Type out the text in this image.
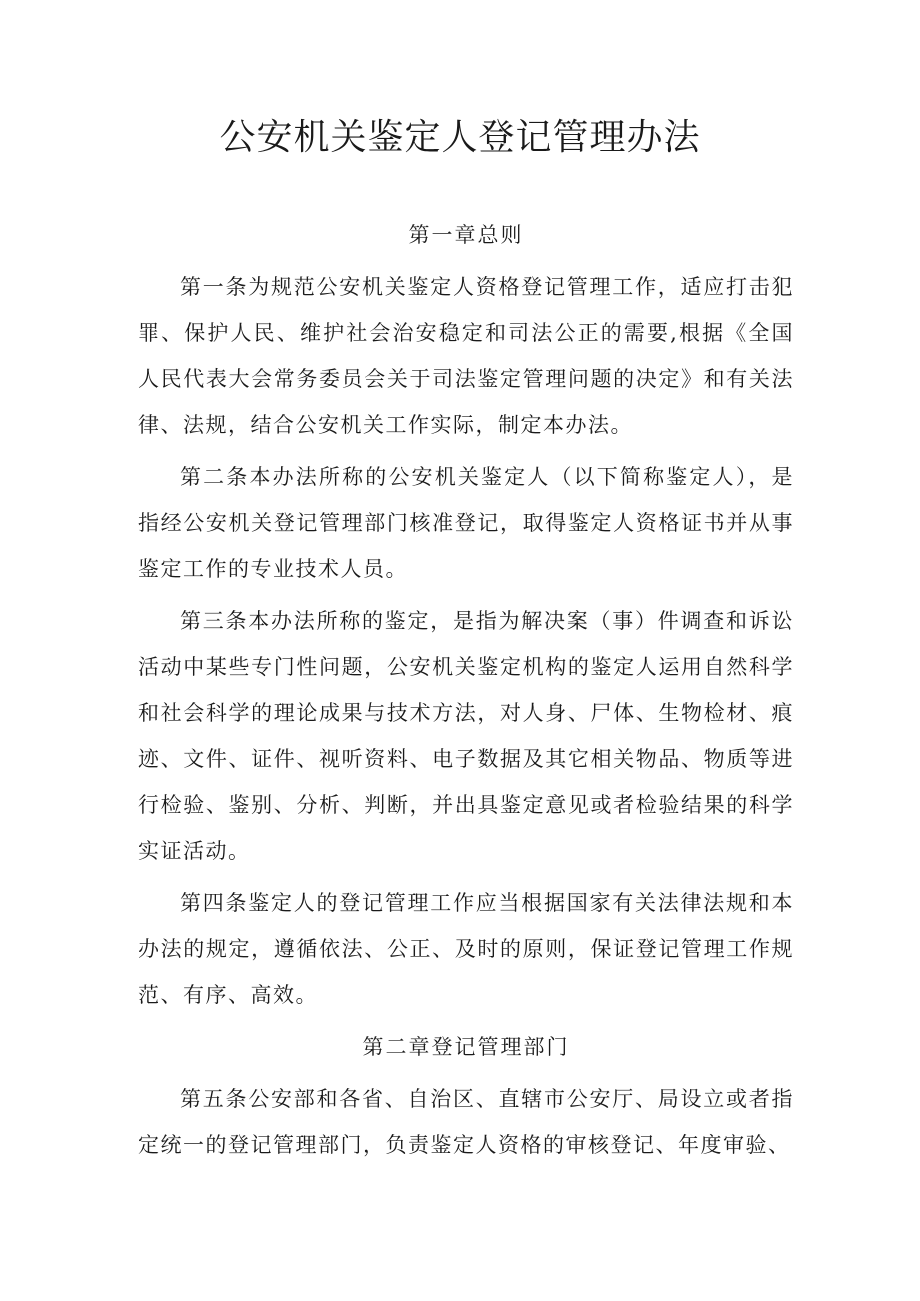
公安机关鉴定人登记管理办法
第一章总则

第一条为规范公安机关鉴定人资格登记管理工作，适应打击犯罪、保护人民、维护社会治安稳定和司法公正的需要,根据《全国人民代表大会常务委员会关于司法鉴定管理问题的决定》和有关法律、法规，结合公安机关工作实际，制定本办法。

第二条本办法所称的公安机关鉴定人（以下简称鉴定人），是指经公安机关登记管理部门核准登记，取得鉴定人资格证书并从事鉴定工作的专业技术人员。

第三条本办法所称的鉴定，是指为解决案（事）件调查和诉讼活动中某些专门性问题，公安机关鉴定机构的鉴定人运用自然科学和社会科学的理论成果与技术方法，对人身、尸体、生物检材、痕迹、文件、证件、视听资料、电子数据及其它相关物品、物质等进行检验、鉴别、分析、判断，并出具鉴定意见或者检验结果的科学实证活动。

第四条鉴定人的登记管理工作应当根据国家有关法律法规和本办法的规定，遵循依法、公正、及时的原则，保证登记管理工作规范、有序、高效。

第二章登记管理部门

第五条公安部和各省、自治区、直辖市公安厅、局设立或者指定统一的登记管理部门，负责鉴定人资格的审核登记、年度审验、
